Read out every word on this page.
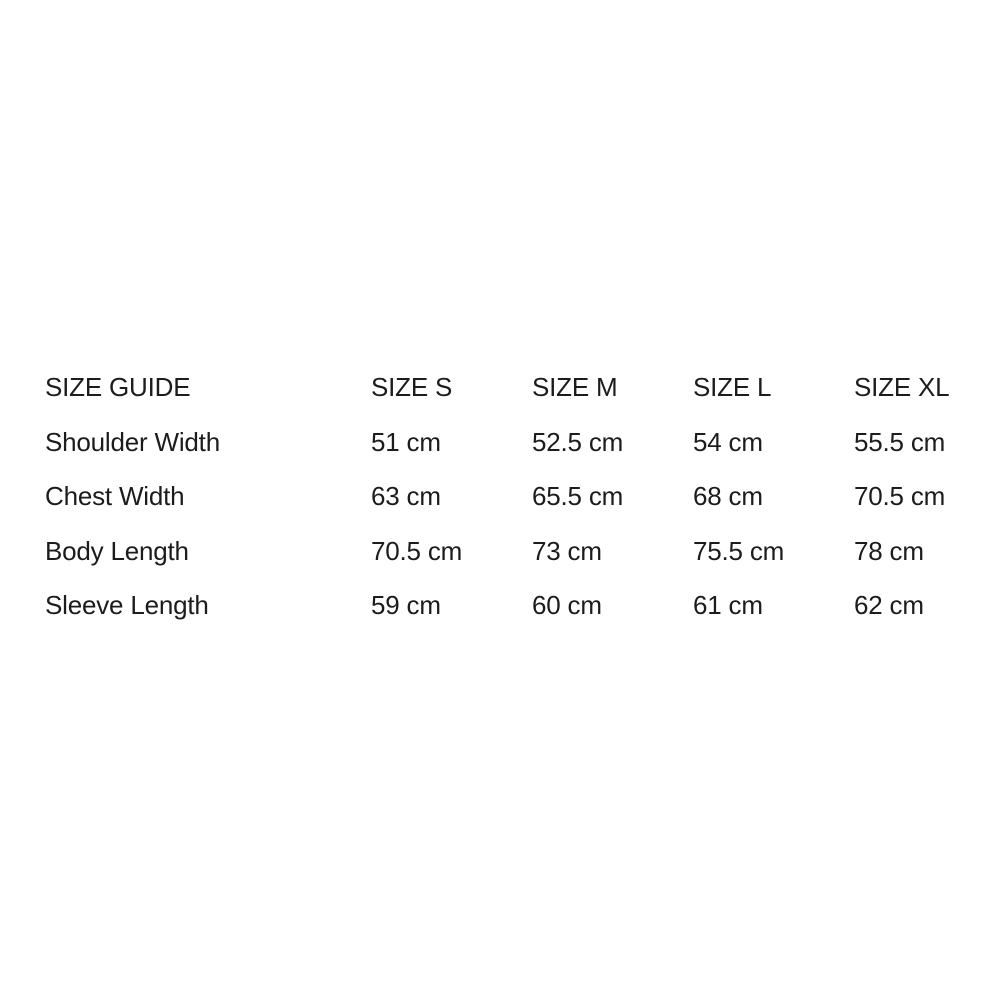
SIZE GUIDE	SIZE S	SIZE M	SIZE L	SIZE XL
Shoulder Width	51 cm	52.5 cm	54 cm	55.5 cm
Chest Width	63 cm	65.5 cm	68 cm	70.5 cm
Body Length	70.5 cm	73 cm	75.5 cm	78 cm
Sleeve Length	59 cm	60 cm	61 cm	62 cm
